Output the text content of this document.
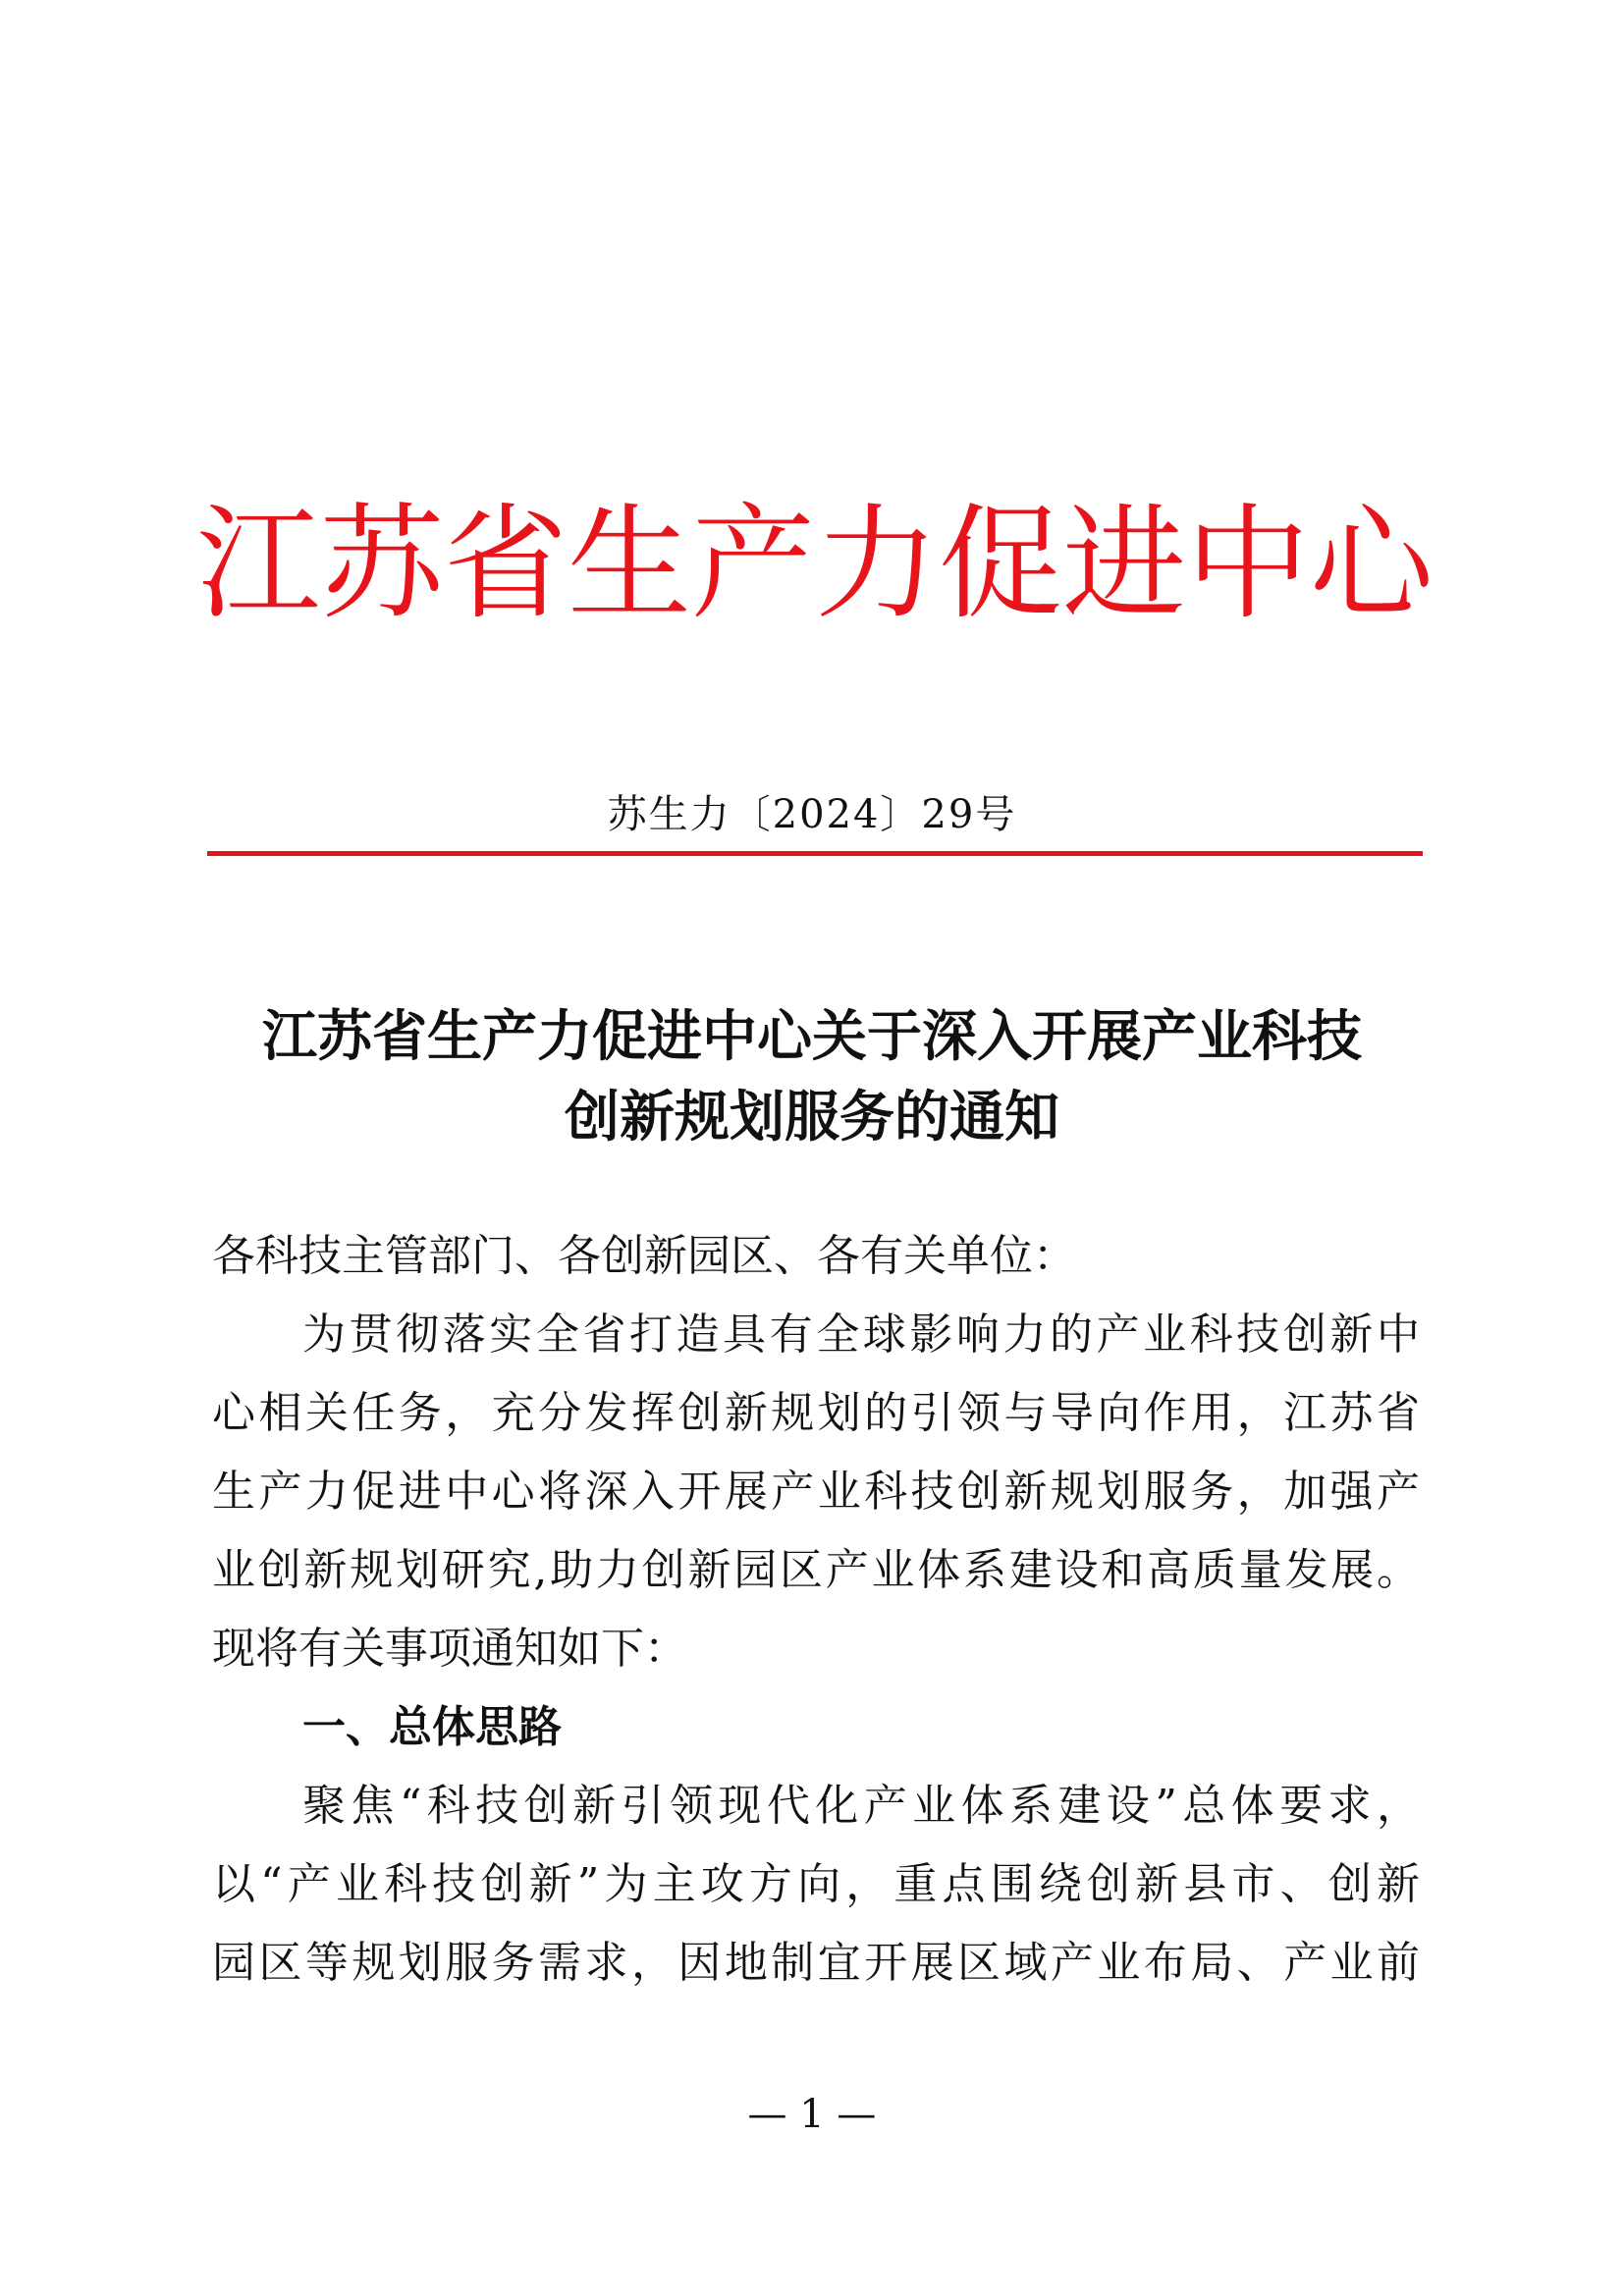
江苏省生产力促进中心
苏生力〔2024〕29号
江苏省生产力促进中心关于深入开展产业科技
创新规划服务的通知
各科技主管部门、各创新园区、各有关单位：
为贯彻落实全省打造具有全球影响力的产业科技创新中
心相关任务，充分发挥创新规划的引领与导向作用，江苏省
生产力促进中心将深入开展产业科技创新规划服务，加强产
业创新规划研究,助力创新园区产业体系建设和高质量发展。
现将有关事项通知如下：
一、总体思路
聚焦“科技创新引领现代化产业体系建设”总体要求，
以“产业科技创新”为主攻方向，重点围绕创新县市、创新
园区等规划服务需求，因地制宜开展区域产业布局、产业前
— 1 —
